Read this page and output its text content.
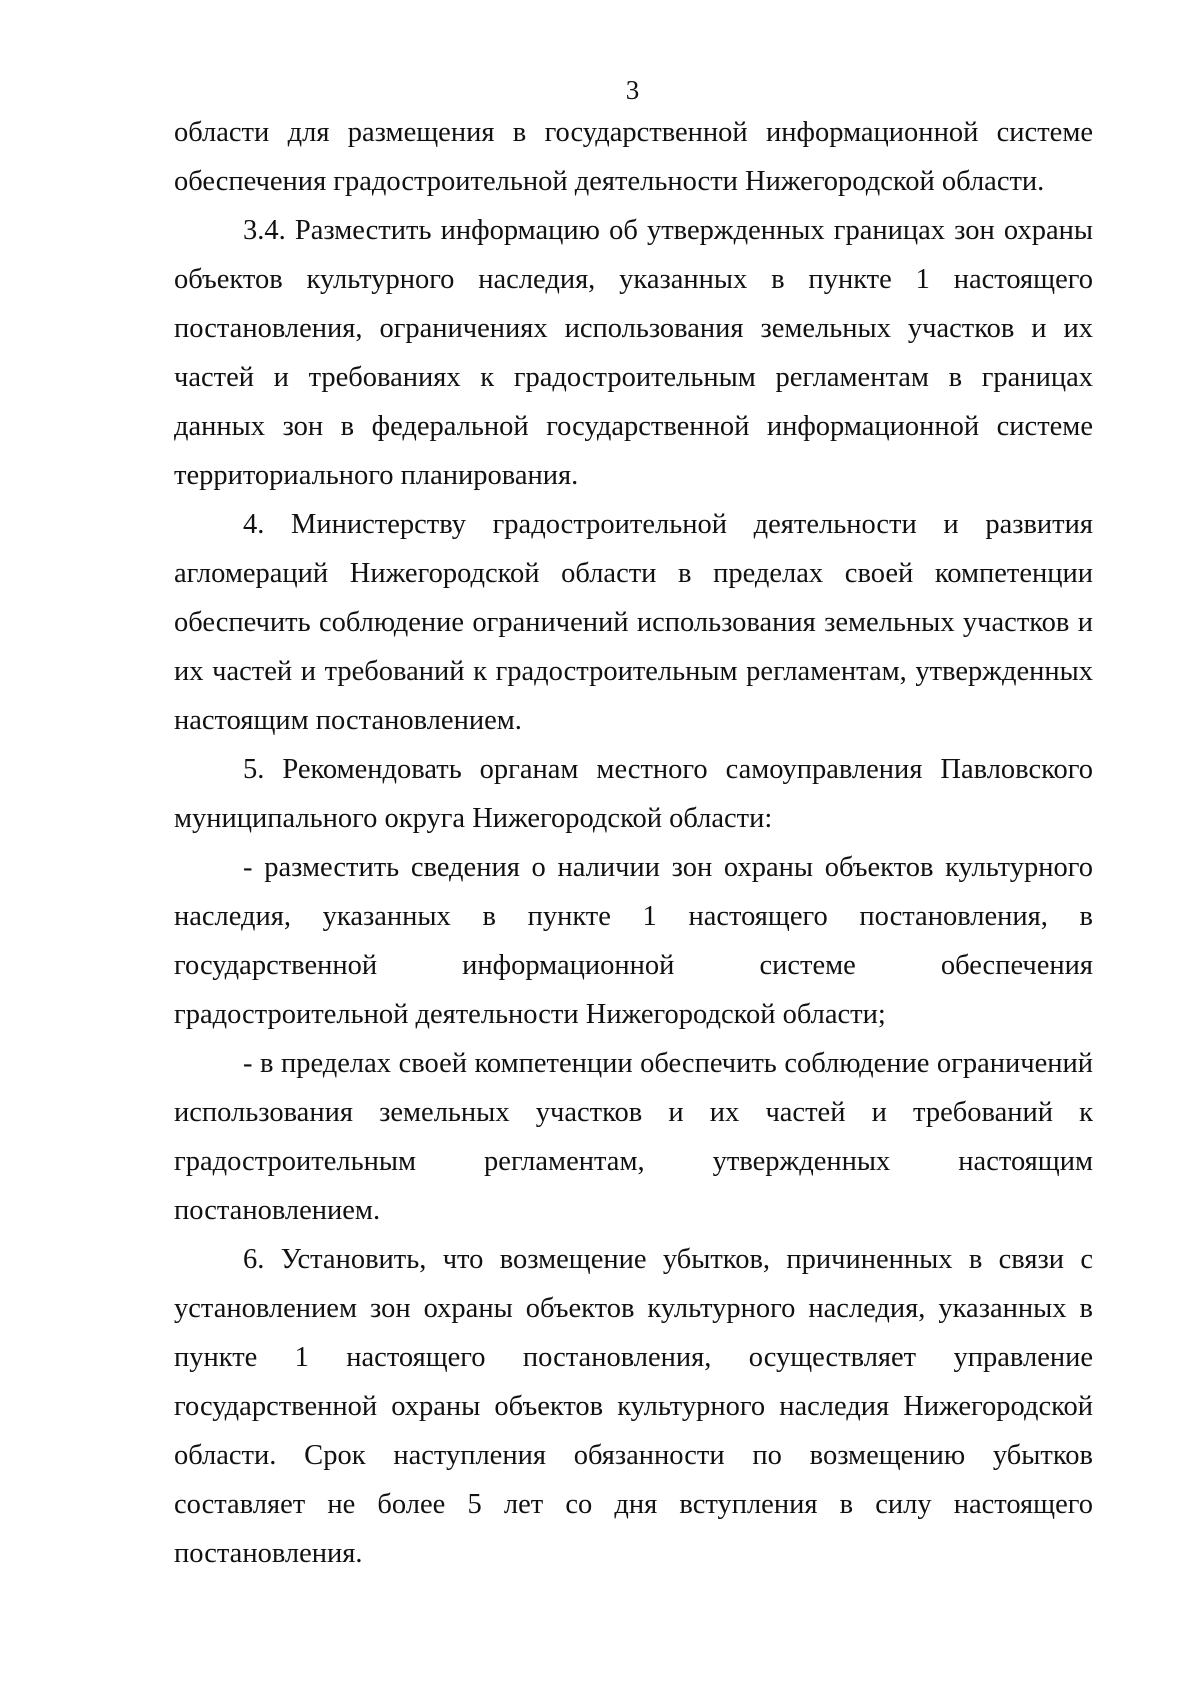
3

области для размещения в государственной информационной системе обеспечения градостроительной деятельности Нижегородской области.

3.4. Разместить информацию об утвержденных границах зон охраны объектов культурного наследия, указанных в пункте 1 настоящего постановления, ограничениях использования земельных участков и их частей и требованиях к градостроительным регламентам в границах данных зон в федеральной государственной информационной системе территориального планирования.

4. Министерству градостроительной деятельности и развития агломераций Нижегородской области в пределах своей компетенции обеспечить соблюдение ограничений использования земельных участков и их частей и требований к градостроительным регламентам, утвержденных настоящим постановлением.

5. Рекомендовать органам местного самоуправления Павловского муниципального округа Нижегородской области:

- разместить сведения о наличии зон охраны объектов культурного наследия, указанных в пункте 1 настоящего постановления, в государственной информационной системе обеспечения градостроительной деятельности Нижегородской области;

- в пределах своей компетенции обеспечить соблюдение ограничений использования земельных участков и их частей и требований к градостроительным регламентам, утвержденных настоящим постановлением.

6. Установить, что возмещение убытков, причиненных в связи с установлением зон охраны объектов культурного наследия, указанных в пункте 1 настоящего постановления, осуществляет управление государственной охраны объектов культурного наследия Нижегородской области. Срок наступления обязанности по возмещению убытков составляет не более 5 лет со дня вступления в силу настоящего постановления.
